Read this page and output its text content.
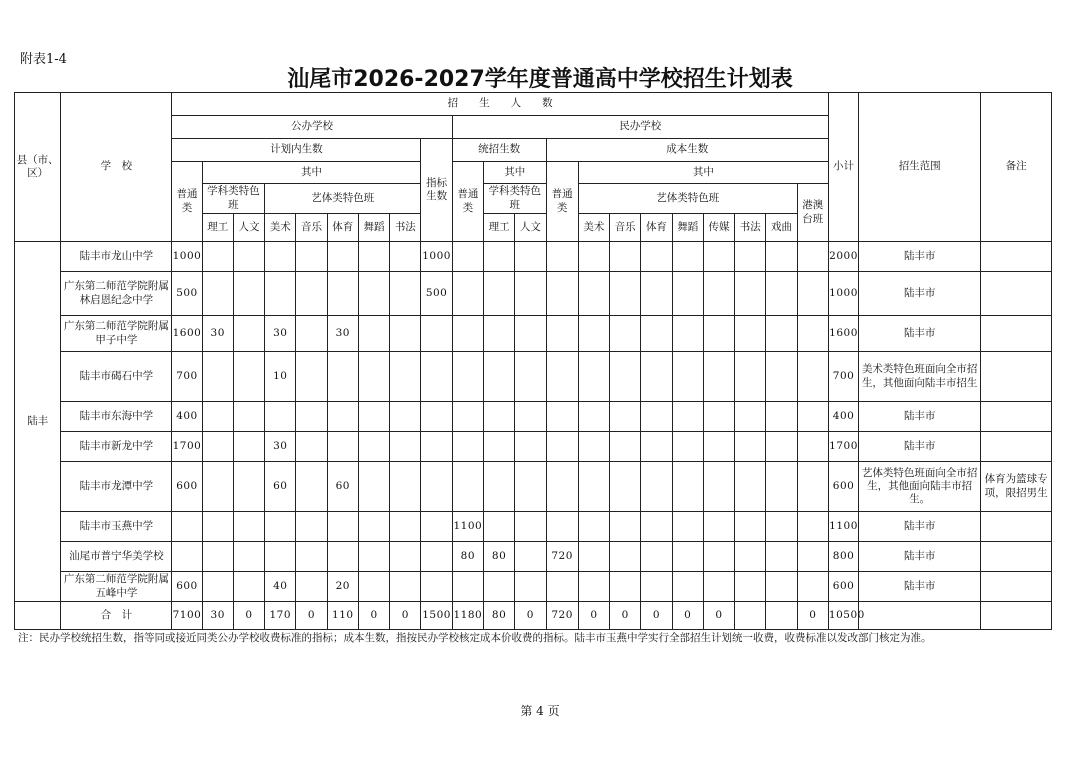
附表1-4
汕尾市2026-2027学年度普通高中学校招生计划表
县（市、区）	学　校	招　　生　　人　　数																					小计	招生范围	备注
		公办学校									民办学校														
		计划内生数								指标生数	统招生数			成本生数											
		普通类	其中								普通类	其中		普通类	其中										
			学科类特色班		艺体类特色班							学科类特色班			艺体类特色班							港澳台班			

			理工	人文	美术	音乐	体育	舞蹈	书法			理工	人文		美术	音乐	体育	舞蹈	传媒	书法	戏曲				
陆丰	陆丰市龙山中学	1000								1000													2000	陆丰市	
	广东第二师范学院附属林启恩纪念中学	500								500													1000	陆丰市	
	广东第二师范学院附属甲子中学	1600	30		30		30																1600	陆丰市	
	陆丰市碣石中学	700			10																		700	美术类特色班面向全市招生，其他面向陆丰市招生	
	陆丰市东海中学	400																					400	陆丰市	
	陆丰市新龙中学	1700			30																		1700	陆丰市	
	陆丰市龙潭中学	600			60		60																600	艺体类特色班面向全市招生，其他面向陆丰市招生。	体育为篮球专项，限招男生
	陆丰市玉燕中学										1100												1100	陆丰市	
	汕尾市普宁华美学校										80	80		720									800	陆丰市	
	广东第二师范学院附属五峰中学	600			40		20																600	陆丰市	
	合　计	7100	30	0	170	0	110	0	0	1500	1180	80	0	720	0	0	0	0	0			0	10500		
注：民办学校统招生数，指等同或接近同类公办学校收费标准的指标；成本生数，指按民办学校核定成本价收费的指标。陆丰市玉燕中学实行全部招生计划统一收费，收费标准以发改部门核定为准。
第 4 页
